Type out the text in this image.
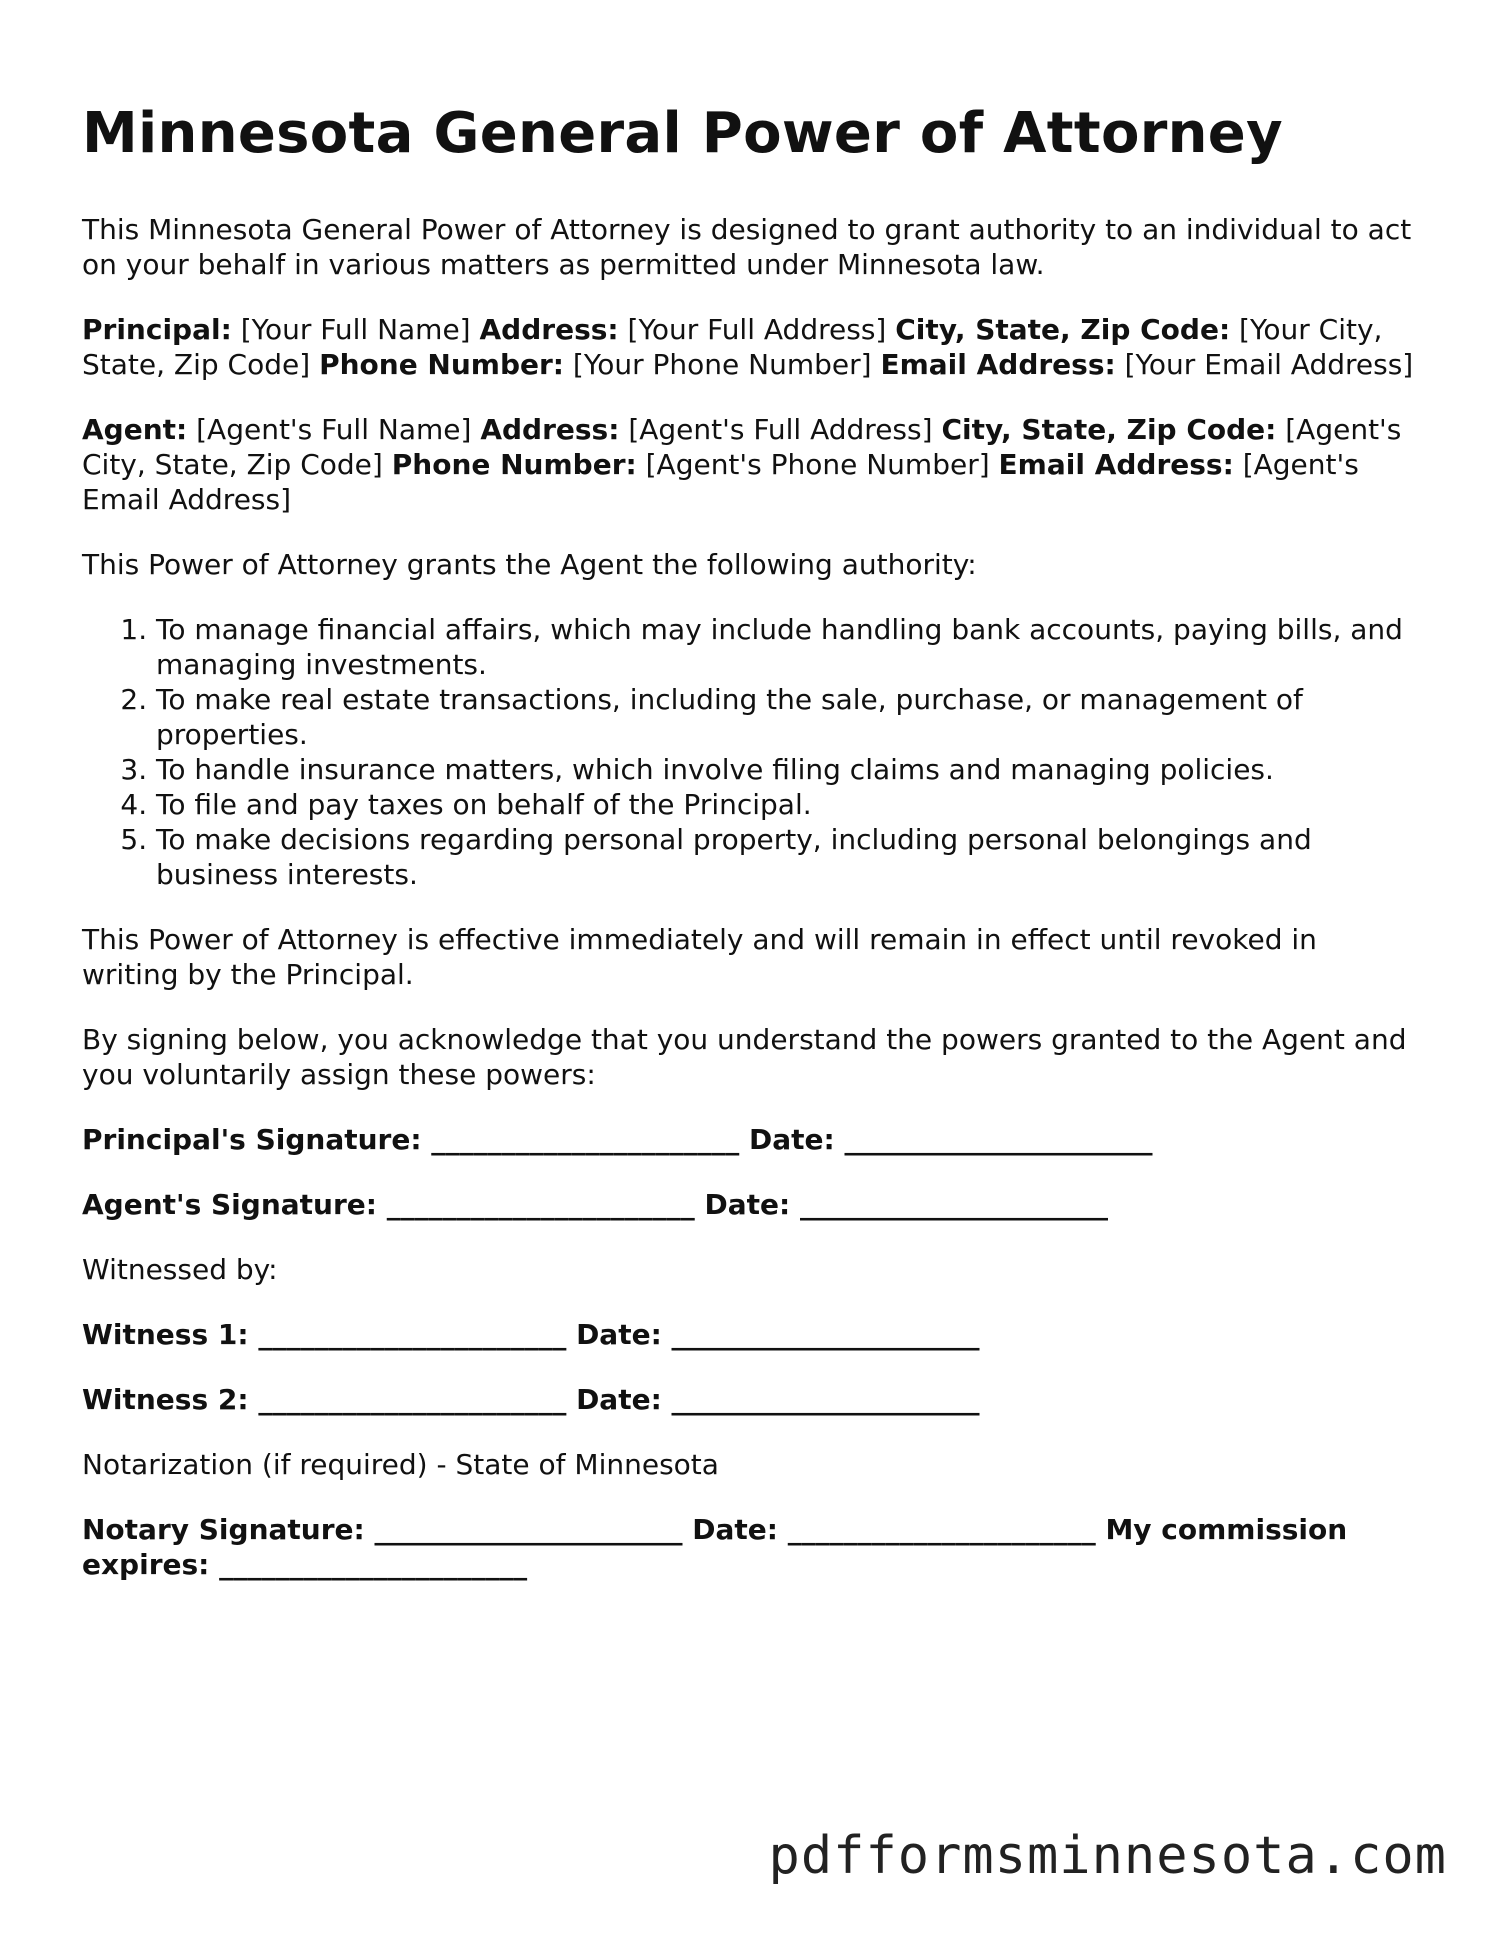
Minnesota General Power of Attorney

This Minnesota General Power of Attorney is designed to grant authority to an individual to act on your behalf in various matters as permitted under Minnesota law.

Principal: [Your Full Name] Address: [Your Full Address] City, State, Zip Code: [Your City, State, Zip Code] Phone Number: [Your Phone Number] Email Address: [Your Email Address]

Agent: [Agent's Full Name] Address: [Agent's Full Address] City, State, Zip Code: [Agent's City, State, Zip Code] Phone Number: [Agent's Phone Number] Email Address: [Agent's Email Address]

This Power of Attorney grants the Agent the following authority:

1. To manage financial affairs, which may include handling bank accounts, paying bills, and managing investments.
2. To make real estate transactions, including the sale, purchase, or management of properties.
3. To handle insurance matters, which involve filing claims and managing policies.
4. To file and pay taxes on behalf of the Principal.
5. To make decisions regarding personal property, including personal belongings and business interests.

This Power of Attorney is effective immediately and will remain in effect until revoked in writing by the Principal.

By signing below, you acknowledge that you understand the powers granted to the Agent and you voluntarily assign these powers:

Principal's Signature: ______________________ Date: ______________________

Agent's Signature: ______________________ Date: ______________________

Witnessed by:

Witness 1: ______________________ Date: ______________________

Witness 2: ______________________ Date: ______________________

Notarization (if required) - State of Minnesota

Notary Signature: ______________________ Date: ______________________ My commission expires: ______________________

pdfformsminnesota.com
